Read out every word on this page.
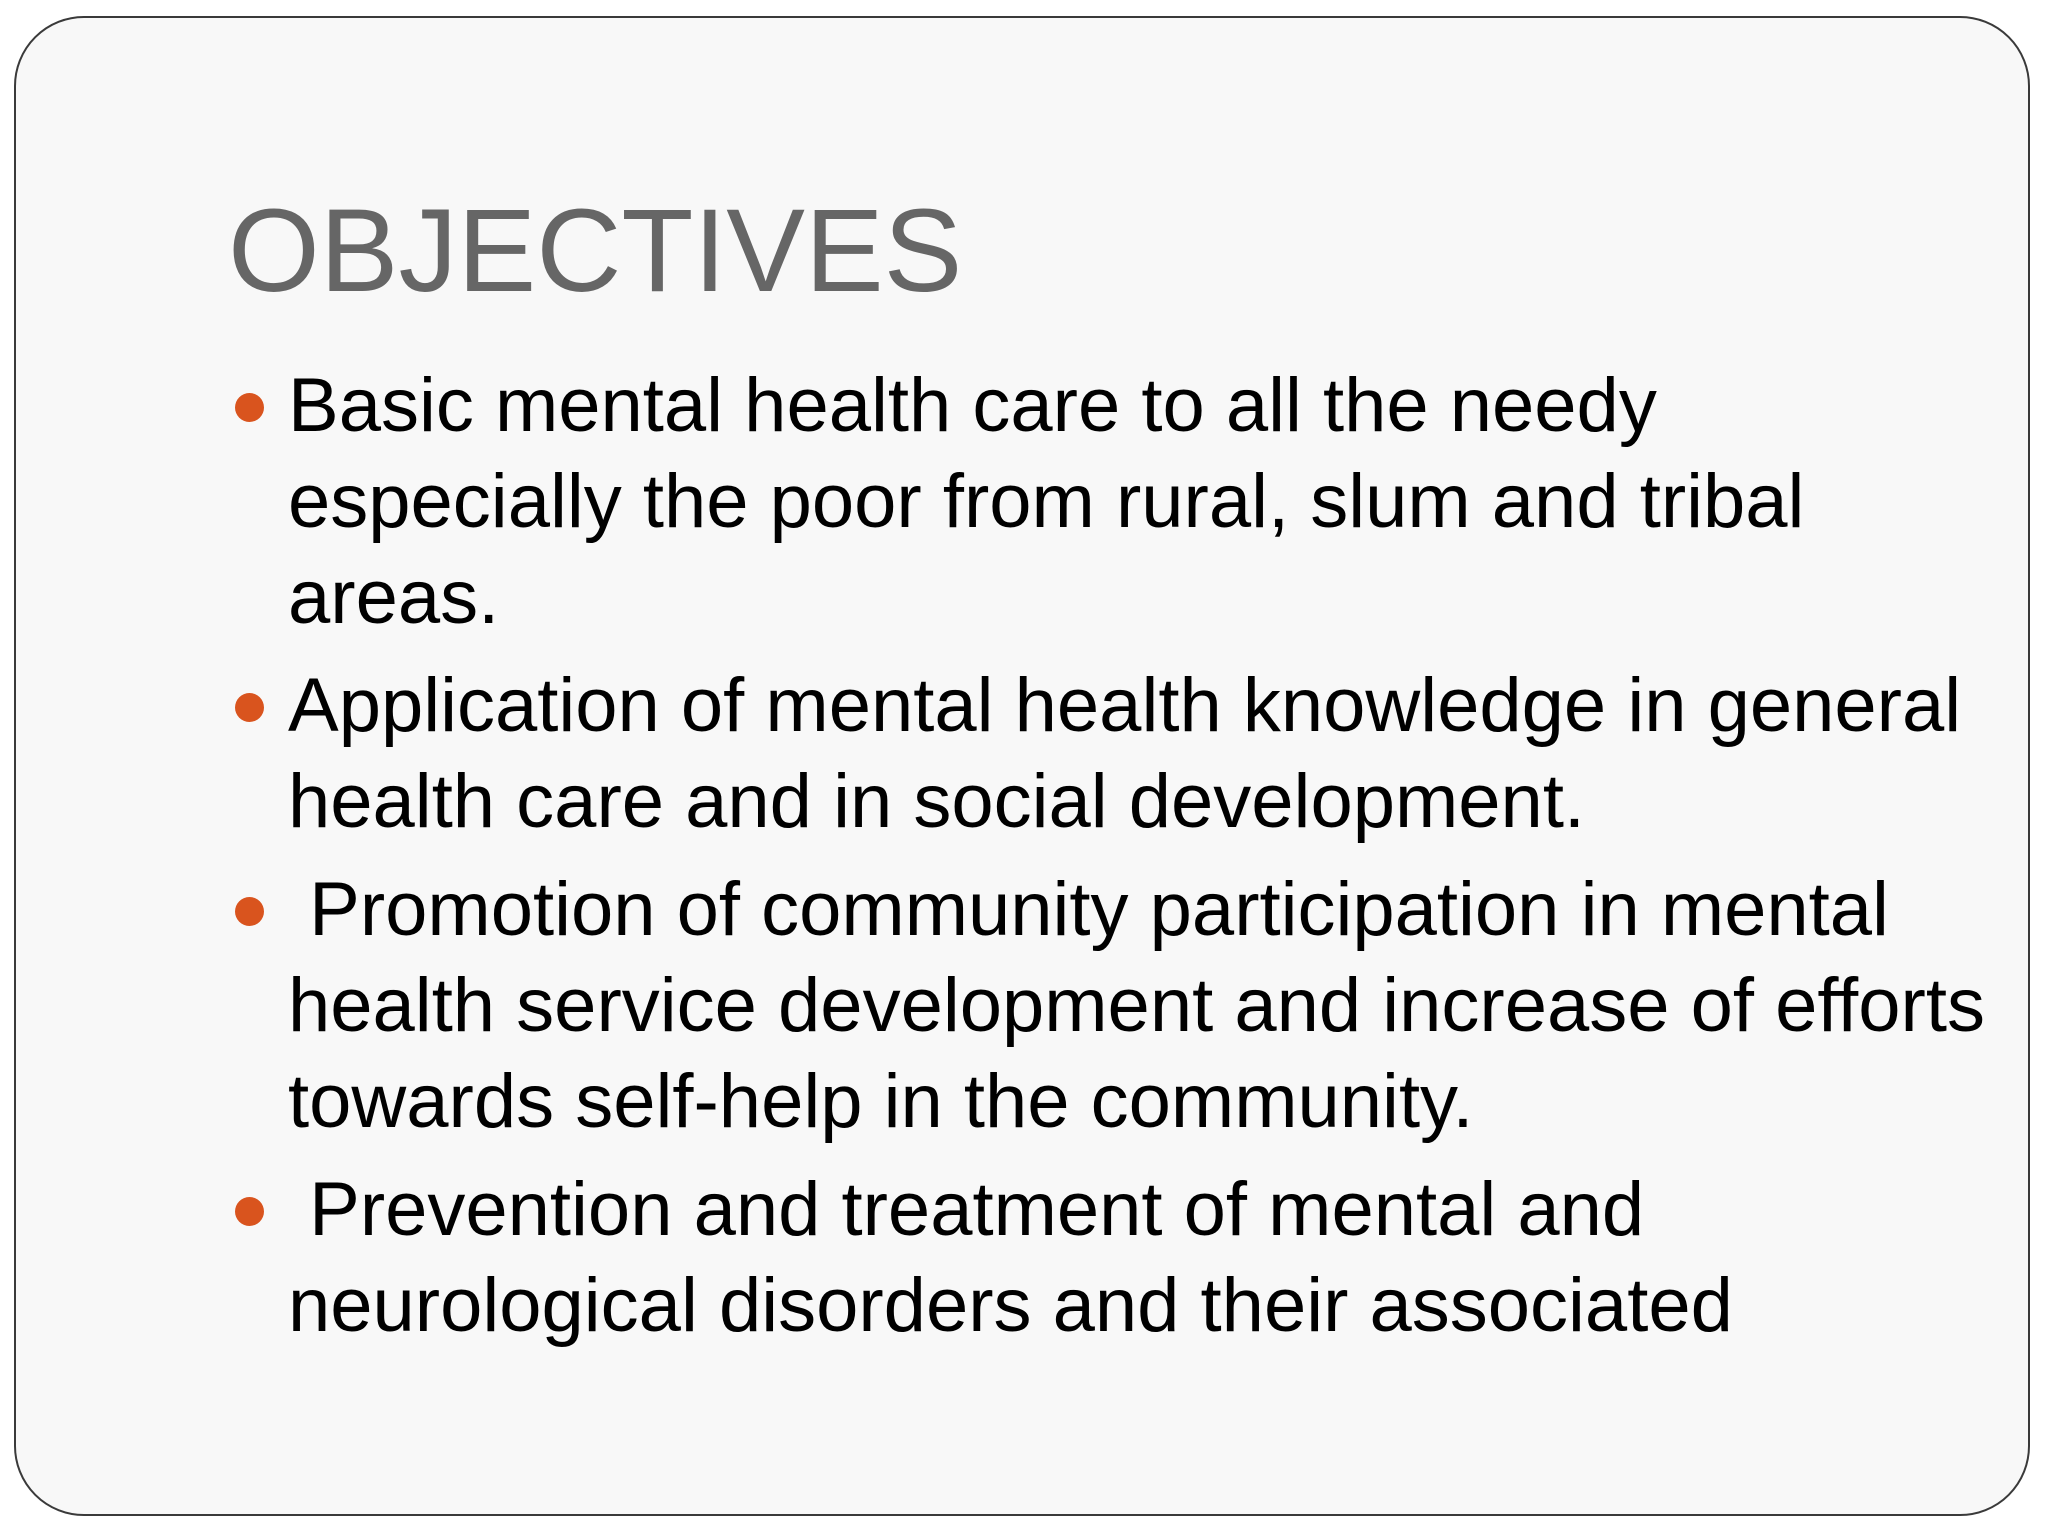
OBJECTIVES
Basic mental health care to all the needy especially the poor from rural, slum and tribal areas.
Application of mental health knowledge in general health care and in social development.
Promotion of community participation in mental health service development and increase of efforts towards self-help in the community.
Prevention and treatment of mental and neurological disorders and their associated
